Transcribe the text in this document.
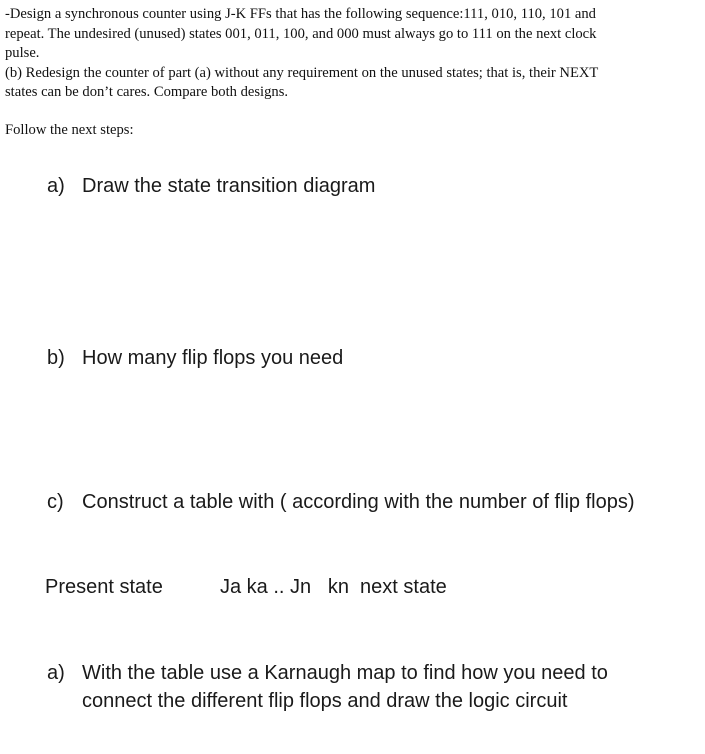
-Design a synchronous counter using J-K FFs that has the following sequence:111, 010, 110, 101 and

repeat. The undesired (unused) states 001, 011, 100, and 000 must always go to 111 on the next clock

pulse.

(b) Redesign the counter of part (a) without any requirement on the unused states; that is, their NEXT

states can be don’t cares. Compare both designs.

Follow the next steps:

a) Draw the state transition diagram
b) How many flip flops you need
c) Construct a table with ( according with the number of flip flops)
Present state	Ja ka .. Jn   kn  next state
a) With the table use a Karnaugh map to find how you need to
connect the different flip flops and draw the logic circuit
